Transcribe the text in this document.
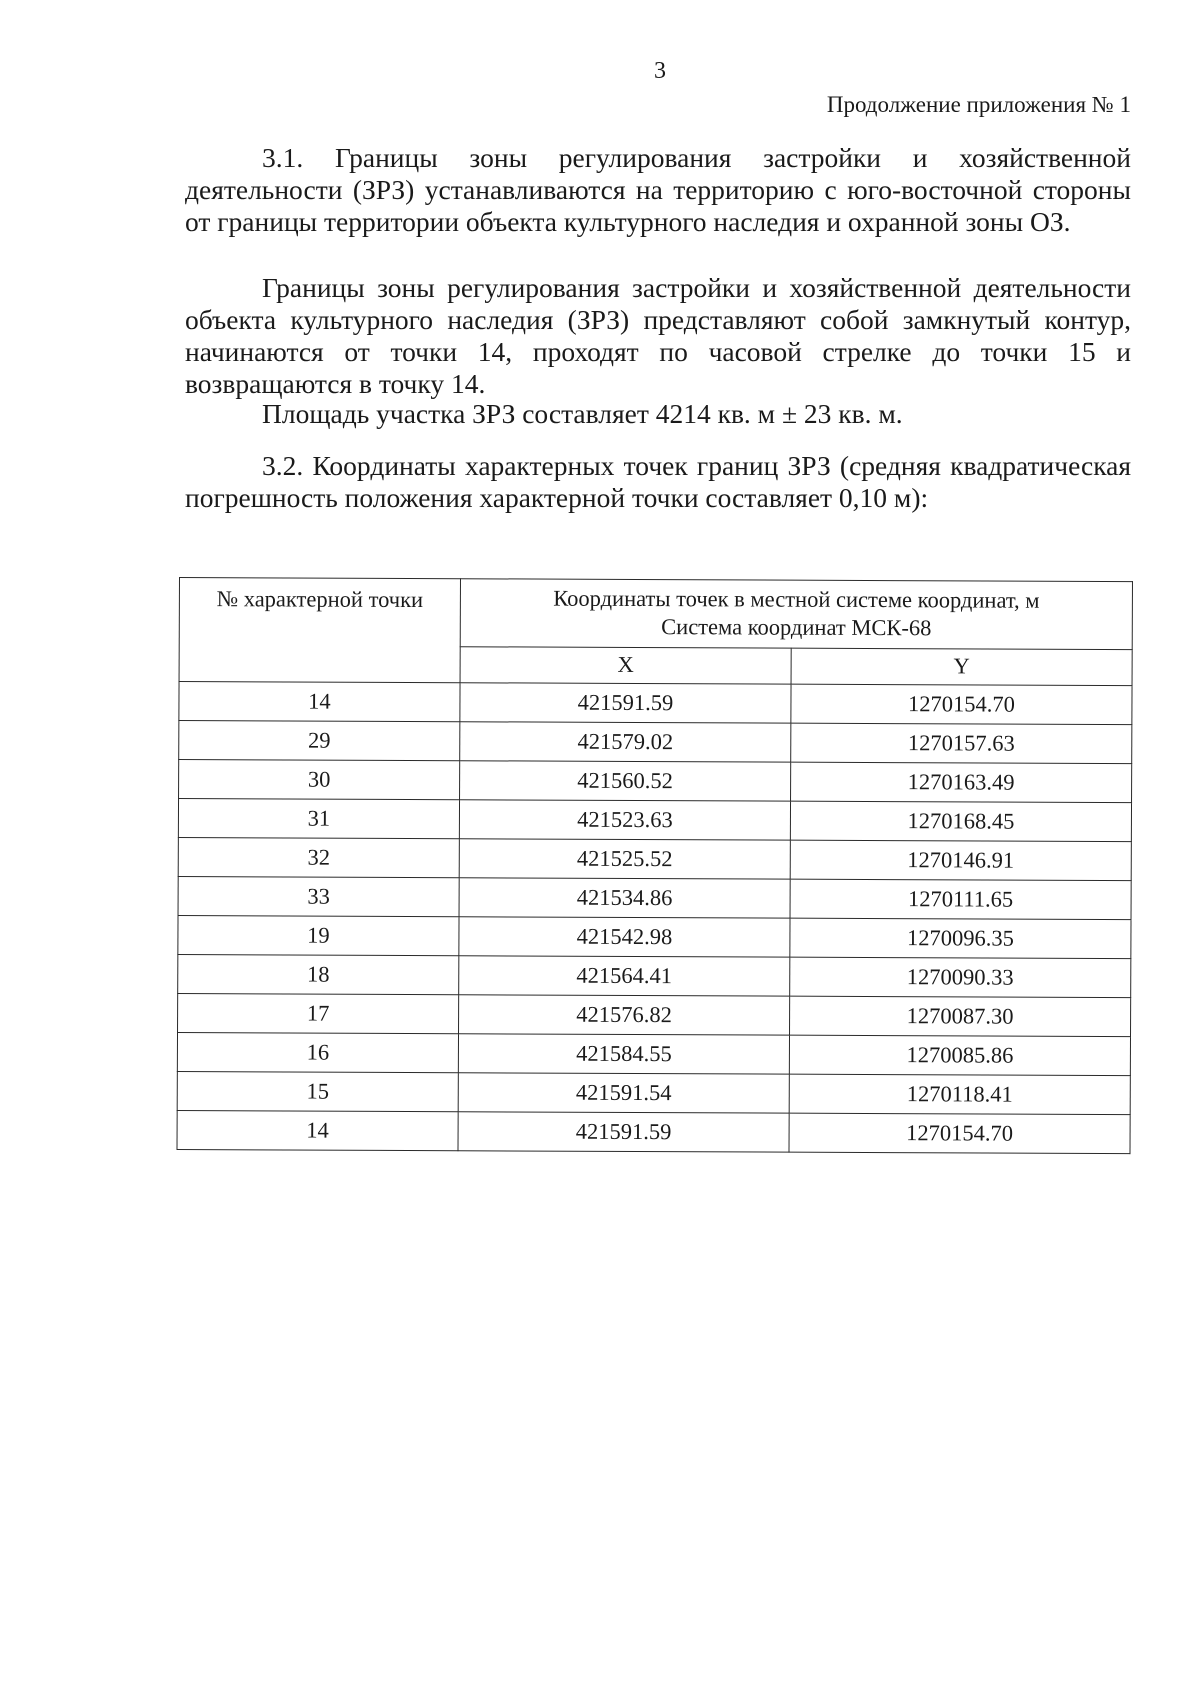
3
Продолжение приложения № 1

3.1. Границы зоны регулирования застройки и хозяйственной деятельности (ЗРЗ) устанавливаются на территорию с юго-восточной стороны от границы территории объекта культурного наследия и охранной зоны ОЗ.

Границы зоны регулирования застройки и хозяйственной деятельности объекта культурного наследия (ЗРЗ) представляют собой замкнутый контур, начинаются от точки 14, проходят по часовой стрелке до точки 15 и возвращаются в точку 14.

Площадь участка ЗРЗ составляет 4214 кв. м ± 23 кв. м.

3.2. Координаты характерных точек границ ЗРЗ (средняя квадратическая погрешность положения характерной точки составляет 0,10 м):

№ характерной точки	Координаты точек в местной системе координат, м
Система координат МСК-68	

	X	Y
14	421591.59	1270154.70
29	421579.02	1270157.63
30	421560.52	1270163.49
31	421523.63	1270168.45
32	421525.52	1270146.91
33	421534.86	1270111.65
19	421542.98	1270096.35
18	421564.41	1270090.33
17	421576.82	1270087.30
16	421584.55	1270085.86
15	421591.54	1270118.41
14	421591.59	1270154.70
